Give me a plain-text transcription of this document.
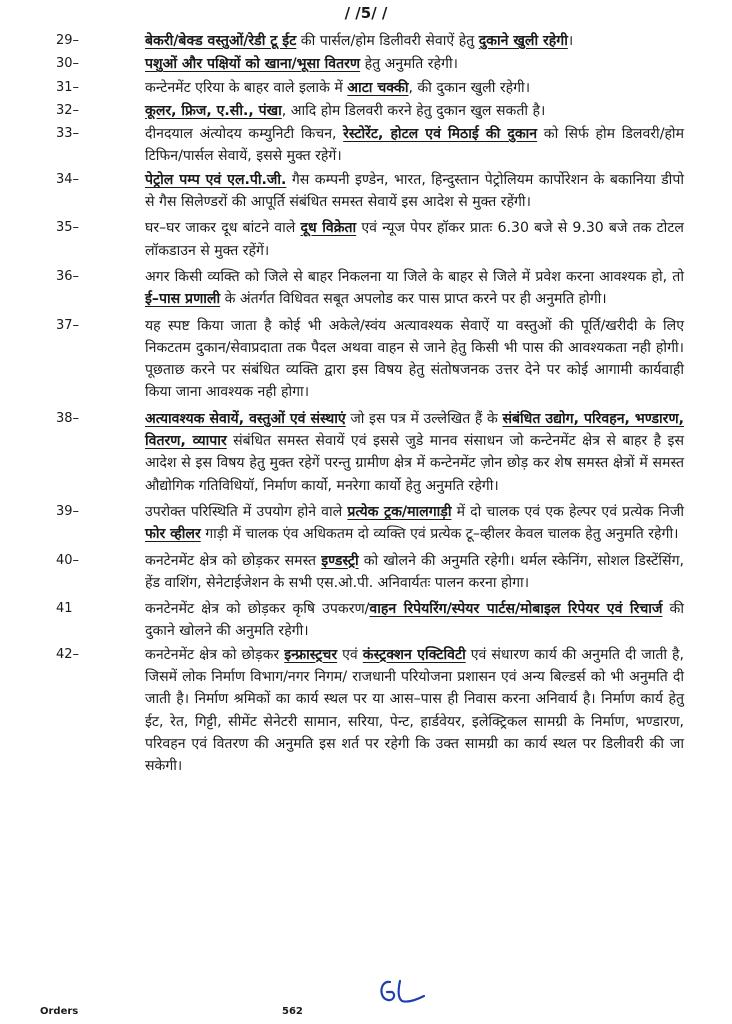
/ /5/ /
29–	बेकरी/बेक्ड वस्तुओं/रेडी टू ईट की पार्सल/होम डिलीवरी सेवाऐं हेतु दुकाने खुली रहेगी।
30–	पशुओं और पक्षियों को खाना/भूसा वितरण हेतु अनुमति रहेगी।
31–	कन्टेनमेंट एरिया के बाहर वाले इलाके में आटा चक्की, की दुकान खुली रहेगी।
32–	कूलर, फ्रिज, ए.सी., पंखा, आदि होम डिलवरी करने हेतु दुकान खुल सकती है।
33–	दीनदयाल अंत्योदय कम्युनिटी किचन, रेस्टोरेंट, होटल एवं मिठाई की दुकान को सिर्फ होम डिलवरी/होम टिफिन/पार्सल सेवायें, इससे मुक्त रहेगें।
34–	पेट्रोल पम्प एवं एल.पी.जी. गैस कम्पनी इण्डेन, भारत, हिन्दुस्तान पेट्रोलियम कार्पोरेशन के बकानिया डीपो से गैस सिलेण्डरों की आपूर्ति संबंधित समस्त सेवायें इस आदेश से मुक्त रहेंगी।
35–	घर–घर जाकर दूध बांटने वाले दूध विक्रेता एवं न्यूज पेपर हॉकर प्रातः 6.30 बजे से 9.30 बजे तक टोटल लॉकडाउन से मुक्त रहेंगें।
36–	अगर किसी व्यक्ति को जिले से बाहर निकलना या जिले के बाहर से जिले में प्रवेश करना आवश्यक हो, तो ई–पास प्रणाली के अंतर्गत विधिवत सबूत अपलोड कर पास प्राप्त करने पर ही अनुमति होगी।
37–	यह स्पष्ट किया जाता है कोई भी अकेले/स्वंय अत्यावश्यक सेवाऐं या वस्तुओं की पूर्ति/खरीदी के लिए निकटतम दुकान/सेवाप्रदाता तक पैदल अथवा वाहन से जाने हेतु किसी भी पास की आवश्यकता नही होगी। पूछताछ करने पर संबंधित व्यक्ति द्वारा इस विषय हेतु संतोषजनक उत्तर देने पर कोई आगामी कार्यवाही किया जाना आवश्यक नही होगा।
38–	अत्यावश्यक सेवायें, वस्तुओं एवं संस्थाएं जो इस पत्र में उल्लेखित हैं के संबंधित उद्योग, परिवहन, भण्डारण, वितरण, व्यापार संबंधित समस्त सेवायें एवं इससे जुडे मानव संसाधन जो कन्टेनमेंट क्षेत्र से बाहर है इस आदेश से इस विषय हेतु मुक्त रहेगें परन्तु ग्रामीण क्षेत्र में कन्टेनमेंट ज़ोन छोड़ कर शेष समस्त क्षेत्रों में समस्त औद्योगिक गतिविधियॉ, निर्माण कार्यो, मनरेगा कार्यो हेतु अनुमति रहेगी।
39–	उपरोक्त परिस्थिति में उपयोग होने वाले प्रत्येक ट्रक/मालगाड़ी में दो चालक एवं एक हेल्पर एवं प्रत्येक निजी फोर व्हीलर गाड़ी में चालक एंव अधिकतम दो व्यक्ति एवं प्रत्येक टू–व्हीलर केवल चालक हेतु अनुमति रहेगी।
40–	कनटेनमेंट क्षेत्र को छोड़कर समस्त इण्डस्ट्री को खोलने की अनुमति रहेगी। थर्मल स्केनिंग, सोशल डिस्टेंसिंग, हेंड वाशिंग, सेनेटाईजेशन के सभी एस.ओ.पी. अनिवार्यतः पालन करना होगा।
41	कनटेनमेंट क्षेत्र को छोड़कर कृषि उपकरण/वाहन रिपेयरिंग/स्पेयर पार्टस/मोबाइल रिपेयर एवं रिचार्ज की दुकाने खोलने की अनुमति रहेगी।
42–	कनटेनमेंट क्षेत्र को छोड़कर इन्फ्रास्ट्रचर एवं कंस्ट्रक्शन एक्टिविटी एवं संधारण कार्य की अनुमति दी जाती है, जिसमें लोक निर्माण विभाग/नगर निगम/ राजधानी परियोजना प्रशासन एवं अन्य बिल्डर्स को भी अनुमति दी जाती है। निर्माण श्रमिकों का कार्य स्थल पर या आस–पास ही निवास करना अनिवार्य है। निर्माण कार्य हेतु ईट, रेत, गिट्टी, सीमेंट सेनेटरी सामान, सरिया, पेन्ट, हार्डवेयर, इलेक्ट्रिकल सामग्री के निर्माण, भण्डारण, परिवहन एवं वितरण की अनुमति इस शर्त पर रहेगी कि उक्त सामग्री का कार्य स्थल पर डिलीवरी की जा सकेगी।
Orders	562
